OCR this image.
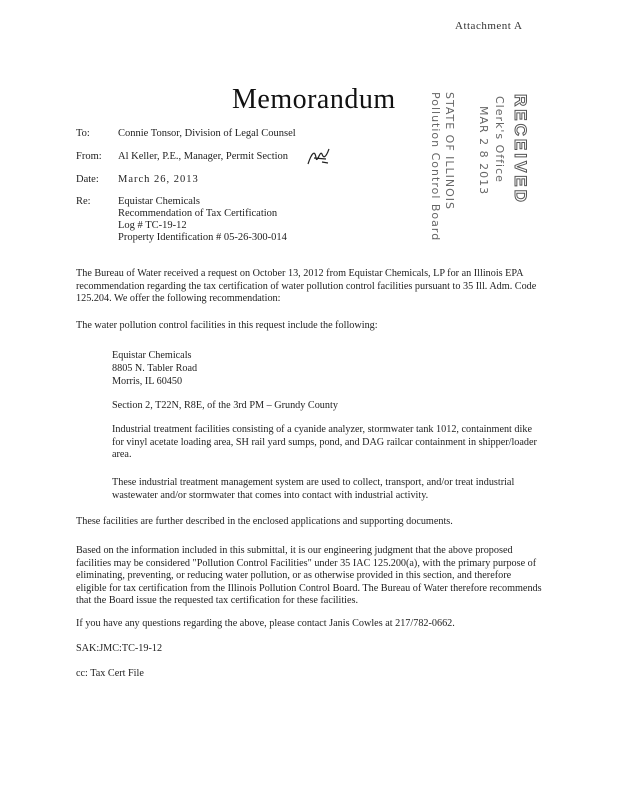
Attachment A
Memorandum
To:	Connie Tonsor, Division of Legal Counsel
From: Al Keller, P.E., Manager, Permit Section
Date: March 26, 2013
Re:	Equistar Chemicals
Recommendation of Tax Certification
Log # TC-19-12
Property Identification # 05-26-300-014
RECEIVED
Clerk's Office
MAR 2 8 2013
STATE OF ILLINOIS
Pollution Control Board
The Bureau of Water received a request on October 13, 2012 from Equistar Chemicals, LP for an Illinois EPA recommendation regarding the tax certification of water pollution control facilities pursuant to 35 Ill. Adm. Code 125.204. We offer the following recommendation:
The water pollution control facilities in this request include the following:
Equistar Chemicals
8805 N. Tabler Road
Morris, IL 60450
Section 2, T22N, R8E, of the 3rd PM – Grundy County
Industrial treatment facilities consisting of a cyanide analyzer, stormwater tank 1012, containment dike for vinyl acetate loading area, SH rail yard sumps, pond, and DAG railcar containment in shipper/loader area.
These industrial treatment management system are used to collect, transport, and/or treat industrial wastewater and/or stormwater that comes into contact with industrial activity.
These facilities are further described in the enclosed applications and supporting documents.
Based on the information included in this submittal, it is our engineering judgment that the above proposed facilities may be considered "Pollution Control Facilities" under 35 IAC 125.200(a), with the primary purpose of eliminating, preventing, or reducing water pollution, or as otherwise provided in this section, and therefore eligible for tax certification from the Illinois Pollution Control Board. The Bureau of Water therefore recommends that the Board issue the requested tax certification for these facilities.
If you have any questions regarding the above, please contact Janis Cowles at 217/782-0662.
SAK:JMC:TC-19-12
cc: Tax Cert File
